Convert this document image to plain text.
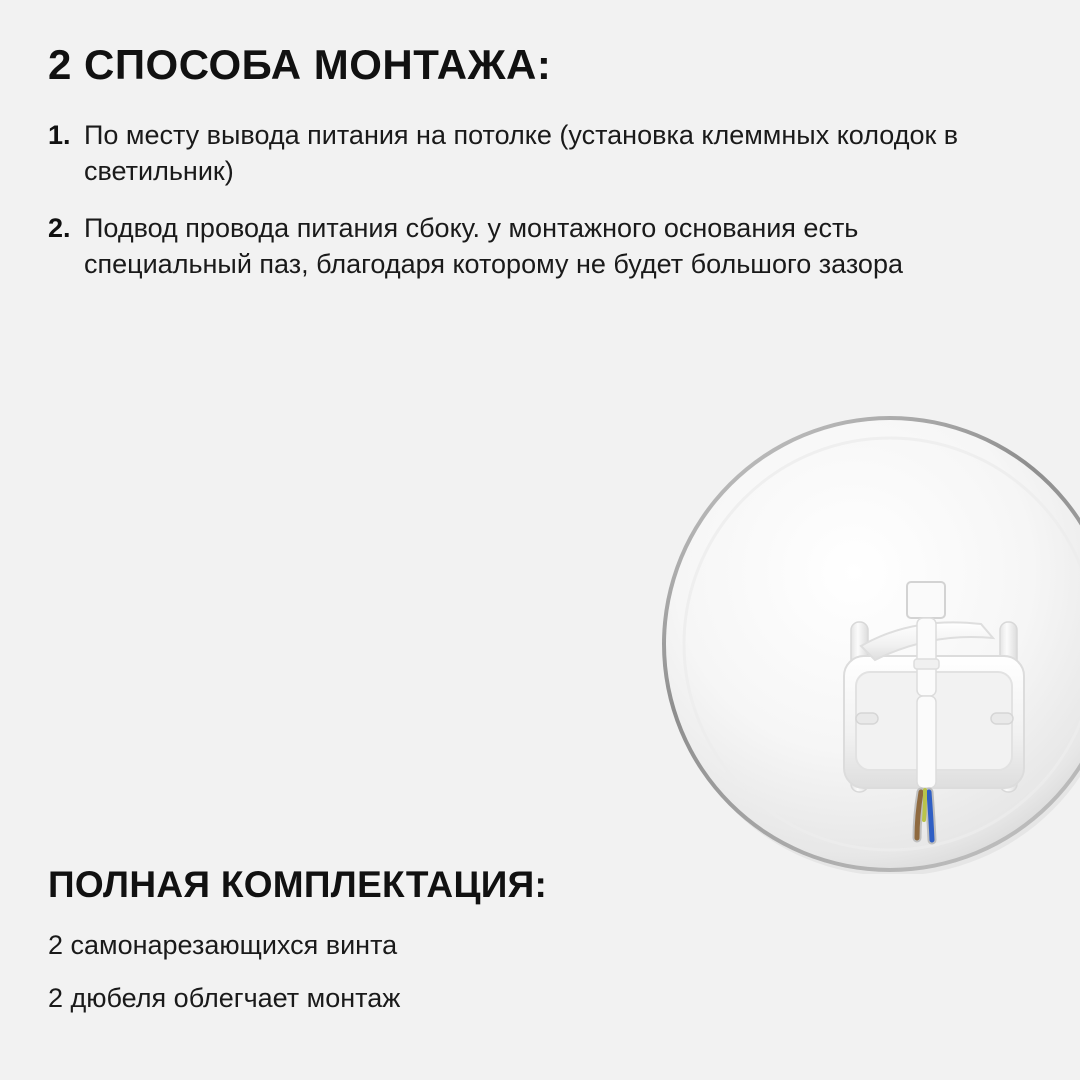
2 СПОСОБА МОНТАЖА:
1. По месту вывода питания на потолке (установка клеммных колодок в светильник)
2. Подвод провода питания сбоку. у монтажного основания есть специальный паз, благодаря которому не будет большого зазора
ПОЛНАЯ КОМПЛЕКТАЦИЯ:
2 самонарезающихся винта
2 дюбеля облегчает монтаж
